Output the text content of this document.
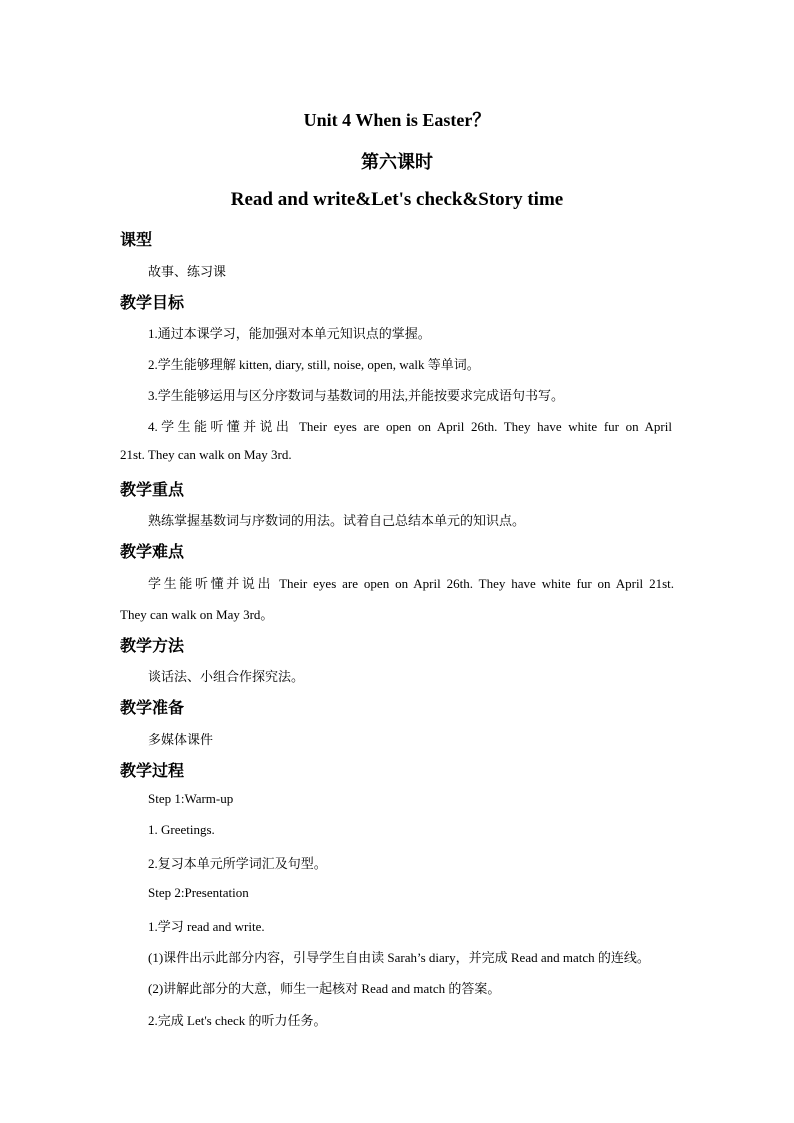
Unit 4 When is Easter？
第六课时
Read and write&Let's check&Story time
课型
故事、练习课
教学目标
1.通过本课学习，能加强对本单元知识点的掌握。
2.学生能够理解 kitten, diary, still, noise, open, walk 等单词。
3.学生能够运用与区分序数词与基数词的用法,并能按要求完成语句书写。
4.学生能听懂并说出 Their eyes are open on April 26th. They have white fur on April
21st. They can walk on May 3rd.
教学重点
熟练掌握基数词与序数词的用法。试着自己总结本单元的知识点。
教学难点
学生能听懂并说出 Their eyes are open on April 26th. They have white fur on April 21st.
They can walk on May 3rd。
教学方法
谈话法、小组合作探究法。
教学准备
多媒体课件
教学过程
Step 1:Warm-up
1. Greetings.
2.复习本单元所学词汇及句型。
Step 2:Presentation
1.学习 read and write.
(1)课件出示此部分内容，引导学生自由读 Sarah’s diary，并完成 Read and match 的连线。
(2)讲解此部分的大意，师生一起核对 Read and match 的答案。
2.完成 Let's check 的听力任务。
